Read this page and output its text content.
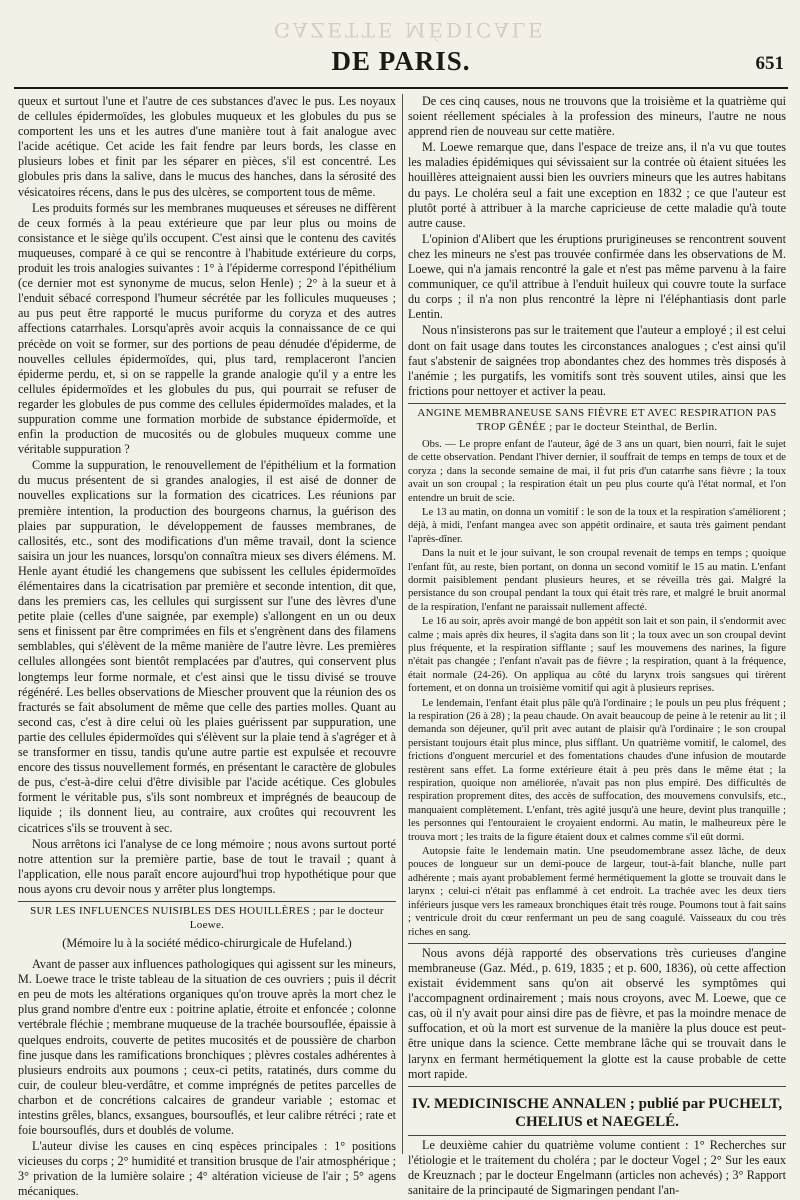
GAZETTE MÉDICALE
DE PARIS.	651

queux et surtout l'une et l'autre de ces substances d'avec le pus. Les noyaux de cellules épidermoïdes, les globules muqueux et les globules du pus se comportent les uns et les autres d'une manière tout à fait analogue avec l'acide acétique. Cet acide les fait fendre par leurs bords, les classe en plusieurs lobes et finit par les séparer en pièces, s'il est concentré. Les globules pris dans la salive, dans le mucus des hanches, dans la sérosité des vésicatoires récens, dans le pus des ulcères, se comportent tous de même.

Les produits formés sur les membranes muqueuses et séreuses ne diffèrent de ceux formés à la peau extérieure que par leur plus ou moins de consistance et le siège qu'ils occupent. C'est ainsi que le contenu des cavités muqueuses, comparé à ce qui se rencontre à l'habitude extérieure du corps, produit les trois analogies suivantes : 1° à l'épiderme correspond l'épithélium (ce dernier mot est synonyme de mucus, selon Henle) ; 2° à la sueur et à l'enduit sébacé correspond l'humeur sécrétée par les follicules muqueuses ; au pus peut être rapporté le mucus puriforme du coryza et des autres affections catarrhales. Lorsqu'après avoir acquis la connaissance de ce qui précède on voit se former, sur des portions de peau dénudée d'épiderme, de nouvelles cellules épidermoïdes, qui, plus tard, remplaceront l'ancien épiderme perdu, et, si on se rappelle la grande analogie qu'il y a entre les cellules épidermoïdes et les globules du pus, qui pourrait se refuser de regarder les globules de pus comme des cellules épidermoïdes malades, et la suppuration comme une formation morbide de substance épidermoïde, et enfin la production de mucosités ou de globules muqueux comme une véritable suppuration ?

Comme la suppuration, le renouvellement de l'épithélium et la formation du mucus présentent de si grandes analogies, il est aisé de donner de nouvelles explications sur la formation des cicatrices. Les réunions par première intention, la production des bourgeons charnus, la guérison des plaies par suppuration, le développement de fausses membranes, de callosités, etc., sont des modifications d'un même travail, dont la science saisira un jour les nuances, lorsqu'on connaîtra mieux ses divers élémens. M. Henle ayant étudié les changemens que subissent les cellules épidermoïdes élémentaires dans la cicatrisation par première et seconde intention, dit que, dans les premiers cas, les cellules qui surgissent sur l'une des lèvres d'une petite plaie (celles d'une saignée, par exemple) s'allongent en un ou deux sens et finissent par être comprimées en fils et s'engrènent dans des filamens semblables, qui s'élèvent de la même manière de l'autre lèvre. Les premières cellules allongées sont bientôt remplacées par d'autres, qui conservent plus longtemps leur forme normale, et c'est ainsi que le tissu divisé se trouve régénéré. Les belles observations de Miescher prouvent que la réunion des os fracturés se fait absolument de même que celle des parties molles. Quant au second cas, c'est à dire celui où les plaies guérissent par suppuration, une partie des cellules épidermoïdes qui s'élèvent sur la plaie tend à s'agréger et à se transformer en tissu, tandis qu'une autre partie est expulsée et recouvre encore des tissus nouvellement formés, en présentant le caractère de globules de pus, c'est-à-dire celui d'être divisible par l'acide acétique. Ces globules forment le véritable pus, s'ils sont nombreux et imprégnés de beaucoup de liquide ; ils donnent lieu, au contraire, aux croûtes qui recouvrent les cicatrices s'ils se trouvent à sec.

Nous arrêtons ici l'analyse de ce long mémoire ; nous avons surtout porté notre attention sur la première partie, base de tout le travail ; quant à l'application, elle nous paraît encore aujourd'hui trop hypothétique pour que nous ayons cru devoir nous y arrêter plus longtemps.

SUR LES INFLUENCES NUISIBLES DES HOUILLÈRES ; par le docteur Loewe.

(Mémoire lu à la société médico-chirurgicale de Hufeland.)

Avant de passer aux influences pathologiques qui agissent sur les mineurs, M. Loewe trace le triste tableau de la situation de ces ouvriers ; puis il décrit en peu de mots les altérations organiques qu'on trouve après la mort chez le plus grand nombre d'entre eux : poitrine aplatie, étroite et enfoncée ; colonne vertébrale fléchie ; membrane muqueuse de la trachée boursouflée, épaissie à quelques endroits, couverte de petites mucosités et de poussière de charbon fine jusque dans les ramifications bronchiques ; plèvres costales adhérentes à plusieurs endroits aux poumons ; ceux-ci petits, ratatinés, durs comme du cuir, de couleur bleu-verdâtre, et comme imprégnés de petites parcelles de charbon et de concrétions calcaires de grandeur variable ; estomac et intestins grêles, blancs, exsangues, boursouflés, et leur calibre rétréci ; rate et foie boursouflés, durs et doublés de volume.

L'auteur divise les causes en cinq espèces principales : 1° positions vicieuses du corps ; 2° humidité et transition brusque de l'air atmosphérique ; 3° privation de la lumière solaire ; 4° altération vicieuse de l'air ; 5° agens mécaniques.

De ces cinq causes, nous ne trouvons que la troisième et la quatrième qui soient réellement spéciales à la profession des mineurs, l'autre ne nous apprend rien de nouveau sur cette matière.

M. Loewe remarque que, dans l'espace de treize ans, il n'a vu que toutes les maladies épidémiques qui sévissaient sur la contrée où étaient situées les houillères atteignaient aussi bien les ouvriers mineurs que les autres habitans du pays. Le choléra seul a fait une exception en 1832 ; ce que l'auteur est plutôt porté à attribuer à la marche capricieuse de cette maladie qu'à toute autre cause.

L'opinion d'Alibert que les éruptions prurigineuses se rencontrent souvent chez les mineurs ne s'est pas trouvée confirmée dans les observations de M. Loewe, qui n'a jamais rencontré la gale et n'est pas même parvenu à la faire communiquer, ce qu'il attribue à l'enduit huileux qui couvre toute la surface du corps ; il n'a non plus rencontré la lèpre ni l'éléphantiasis dont parle Lentin.

Nous n'insisterons pas sur le traitement que l'auteur a employé ; il est celui dont on fait usage dans toutes les circonstances analogues ; c'est ainsi qu'il faut s'abstenir de saignées trop abondantes chez des hommes très disposés à l'anémie ; les purgatifs, les vomitifs sont très souvent utiles, ainsi que les frictions pour nettoyer et activer la peau.

ANGINE MEMBRANEUSE SANS FIÈVRE ET AVEC RESPIRATION PAS TROP GÊNÉE ; par le docteur Steinthal, de Berlin.

Obs. — Le propre enfant de l'auteur, âgé de 3 ans un quart, bien nourri, fait le sujet de cette observation. Pendant l'hiver dernier, il souffrait de temps en temps de toux et de coryza ; dans la seconde semaine de mai, il fut pris d'un catarrhe sans fièvre ; la toux avait un son croupal ; la respiration était un peu plus courte qu'à l'état normal, et l'on entendre un bruit de scie.

Le 13 au matin, on donna un vomitif : le son de la toux et la respiration s'améliorent ; déjà, à midi, l'enfant mangea avec son appétit ordinaire, et sauta très gaiment pendant l'après-dîner.

Dans la nuit et le jour suivant, le son croupal revenait de temps en temps ; quoique l'enfant fût, au reste, bien portant, on donna un second vomitif le 15 au matin. L'enfant dormit paisiblement pendant plusieurs heures, et se réveilla très gai. Malgré la persistance du son croupal pendant la toux qui était très rare, et malgré le bruit anormal de la respiration, l'enfant ne paraissait nullement affecté.

Le 16 au soir, après avoir mangé de bon appétit son lait et son pain, il s'endormit avec calme ; mais après dix heures, il s'agita dans son lit ; la toux avec un son croupal devint plus fréquente, et la respiration sifflante ; sauf les mouvemens des narines, la figure n'était pas changée ; l'enfant n'avait pas de fièvre ; la respiration, quant à la fréquence, était normale (24-26). On appliqua au côté du larynx trois sangsues qui tirèrent fortement, et on donna un troisième vomitif qui agit à plusieurs reprises.

Le lendemain, l'enfant était plus pâle qu'à l'ordinaire ; le pouls un peu plus fréquent ; la respiration (26 à 28) ; la peau chaude. On avait beaucoup de peine à le retenir au lit ; il demanda son déjeuner, qu'il prit avec autant de plaisir qu'à l'ordinaire ; le son croupal persistant toujours était plus mince, plus sifflant. Un quatrième vomitif, le calomel, des frictions d'onguent mercuriel et des fomentations chaudes d'une infusion de moutarde restèrent sans effet. La forme extérieure était à peu près dans le même état ; la respiration, quoique non améliorée, n'avait pas non plus empiré. Des difficultés de respiration proprement dites, des accès de suffocation, des mouvemens convulsifs, etc., manquaient complètement. L'enfant, très agité jusqu'à une heure, devint plus tranquille ; les personnes qui l'entouraient le croyaient endormi. Au matin, le malheureux père le trouva mort ; les traits de la figure étaient doux et calmes comme s'il eût dormi.

Autopsie faite le lendemain matin. Une pseudomembrane assez lâche, de deux pouces de longueur sur un demi-pouce de largeur, tout-à-fait blanche, nulle part adhérente ; mais ayant probablement fermé hermétiquement la glotte se trouvait dans le larynx ; celui-ci n'était pas enflammé à cet endroit. La trachée avec les deux tiers inférieurs jusque vers les rameaux bronchiques était très rouge. Poumons tout à fait sains ; ventricule droit du cœur renfermant un peu de sang coagulé. Vaisseaux du cou très riches en sang.

Nous avons déjà rapporté des observations très curieuses d'angine membraneuse (Gaz. Méd., p. 619, 1835 ; et p. 600, 1836), où cette affection existait évidemment sans qu'on ait observé les symptômes qui l'accompagnent ordinairement ; mais nous croyons, avec M. Loewe, que ce cas, où il n'y avait pour ainsi dire pas de fièvre, et pas la moindre menace de suffocation, et où la mort est survenue de la manière la plus douce est peut-être unique dans la science. Cette membrane lâche qui se trouvait dans le larynx en fermant hermétiquement la glotte est la cause probable de cette mort rapide.

IV. MEDICINISCHE ANNALEN ; publié par PUCHELT, CHELIUS et NAEGELÉ.

Le deuxième cahier du quatrième volume contient : 1° Recherches sur l'étiologie et le traitement du choléra ; par le docteur Vogel ; 2° Sur les eaux de Kreuznach ; par le docteur Engelmann (articles non achevés) ; 3° Rapport sanitaire de la principauté de Sigmaringen pendant l'an-
